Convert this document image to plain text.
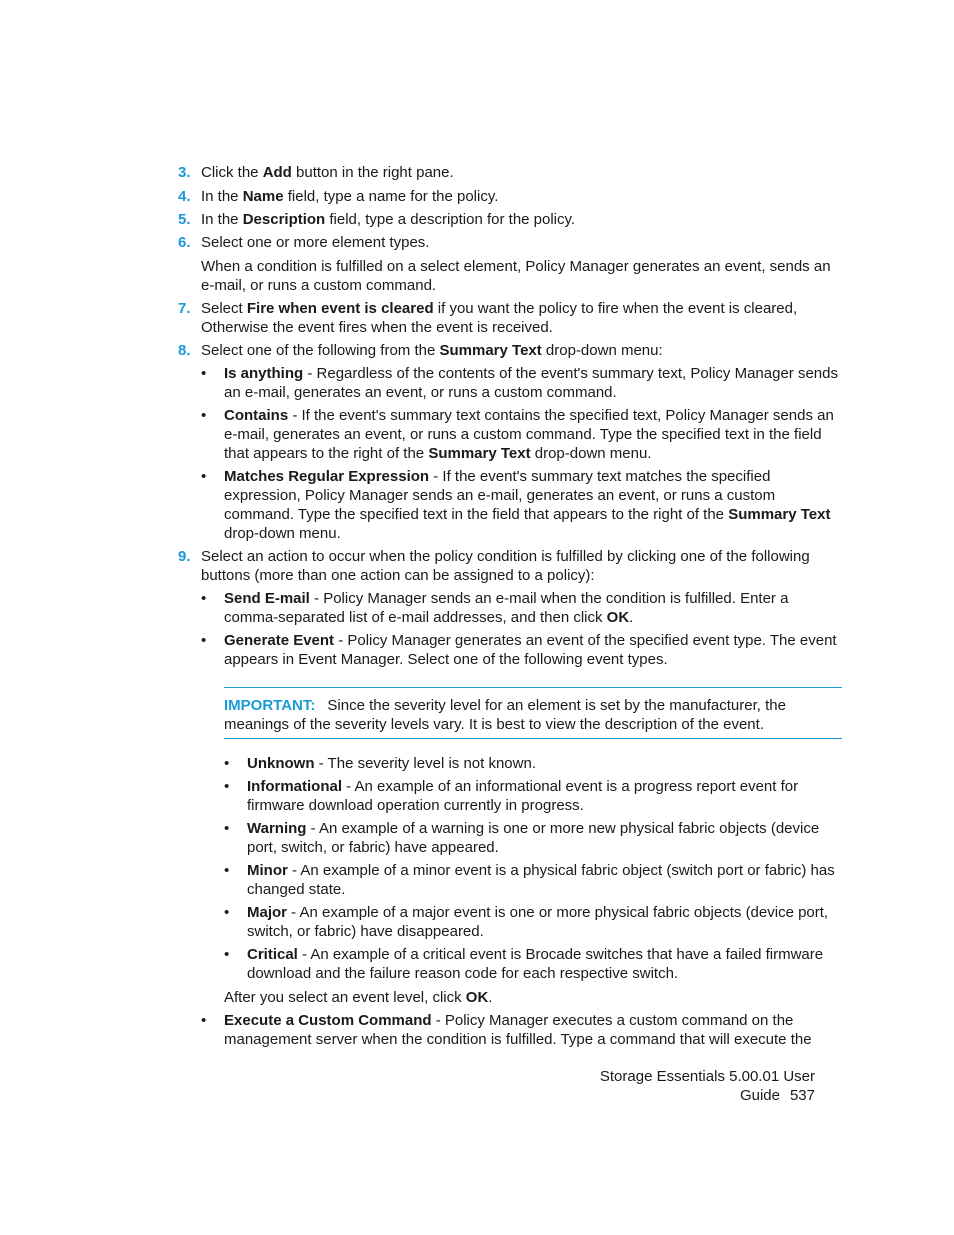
3. Click the Add button in the right pane.
4. In the Name field, type a name for the policy.
5. In the Description field, type a description for the policy.
6. Select one or more element types.
When a condition is fulfilled on a select element, Policy Manager generates an event, sends an e-mail, or runs a custom command.
7. Select Fire when event is cleared if you want the policy to fire when the event is cleared, Otherwise the event fires when the event is received.
8. Select one of the following from the Summary Text drop-down menu:
• Is anything - Regardless of the contents of the event's summary text, Policy Manager sends an e-mail, generates an event, or runs a custom command.
• Contains - If the event's summary text contains the specified text, Policy Manager sends an e-mail, generates an event, or runs a custom command. Type the specified text in the field that appears to the right of the Summary Text drop-down menu.
• Matches Regular Expression - If the event's summary text matches the specified expression, Policy Manager sends an e-mail, generates an event, or runs a custom command. Type the specified text in the field that appears to the right of the Summary Text drop-down menu.
9. Select an action to occur when the policy condition is fulfilled by clicking one of the following buttons (more than one action can be assigned to a policy):
• Send E-mail - Policy Manager sends an e-mail when the condition is fulfilled. Enter a comma-separated list of e-mail addresses, and then click OK.
• Generate Event - Policy Manager generates an event of the specified event type. The event appears in Event Manager. Select one of the following event types.
IMPORTANT: Since the severity level for an element is set by the manufacturer, the meanings of the severity levels vary. It is best to view the description of the event.
• Unknown - The severity level is not known.
• Informational - An example of an informational event is a progress report event for firmware download operation currently in progress.
• Warning - An example of a warning is one or more new physical fabric objects (device port, switch, or fabric) have appeared.
• Minor - An example of a minor event is a physical fabric object (switch port or fabric) has changed state.
• Major - An example of a major event is one or more physical fabric objects (device port, switch, or fabric) have disappeared.
• Critical - An example of a critical event is Brocade switches that have a failed firmware download and the failure reason code for each respective switch.
After you select an event level, click OK.
• Execute a Custom Command - Policy Manager executes a custom command on the management server when the condition is fulfilled. Type a command that will execute the
Storage Essentials 5.00.01 User Guide 537
